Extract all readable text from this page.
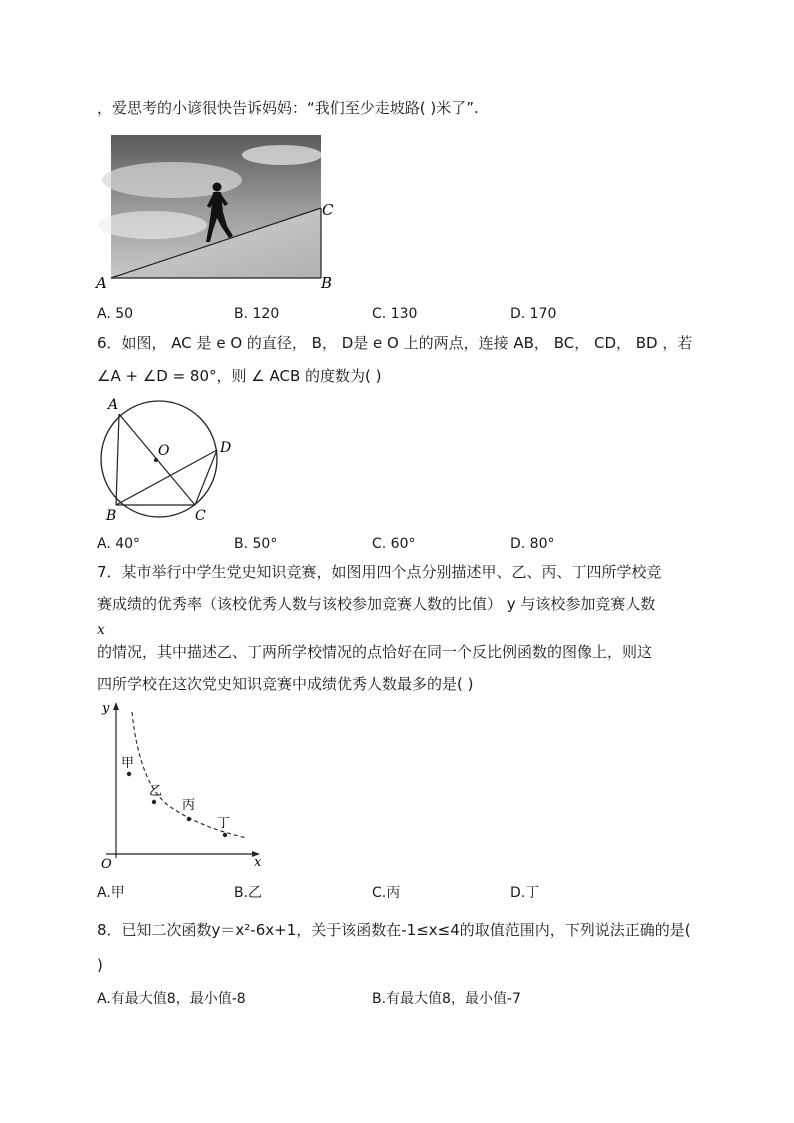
，爱思考的小谚很快告诉妈妈：“我们至少走坡路( )米了”.
A	B
C
A. 50	B. 120	C. 130	D. 170
6．如图， AC 是 e O 的直径， B， D是 e O 上的两点，连接 AB， BC， CD， BD ，若
∠A + ∠D = 80°，则 ∠ ACB 的度数为( )
A
B	C
D
O
A. 40°	B. 50°	C. 60°	D. 80°
7．某市举行中学生党史知识竞赛，如图用四个点分别描述甲、乙、丙、丁四所学校竞
赛成绩的优秀率（该校优秀人数与该校参加竞赛人数的比值） y 与该校参加竞赛人数
x
的情况，其中描述乙、丁两所学校情况的点恰好在同一个反比例函数的图像上，则这
四所学校在这次党史知识竞赛中成绩优秀人数最多的是( )
甲
乙
丙
丁
y
x
O
A.甲	B.乙	C.丙	D.丁
8．已知二次函数y＝x²-6x+1，关于该函数在-1≤x≤4的取值范围内，下列说法正确的是(
)
A.有最大值8，最小值-8	B.有最大值8，最小值-7
